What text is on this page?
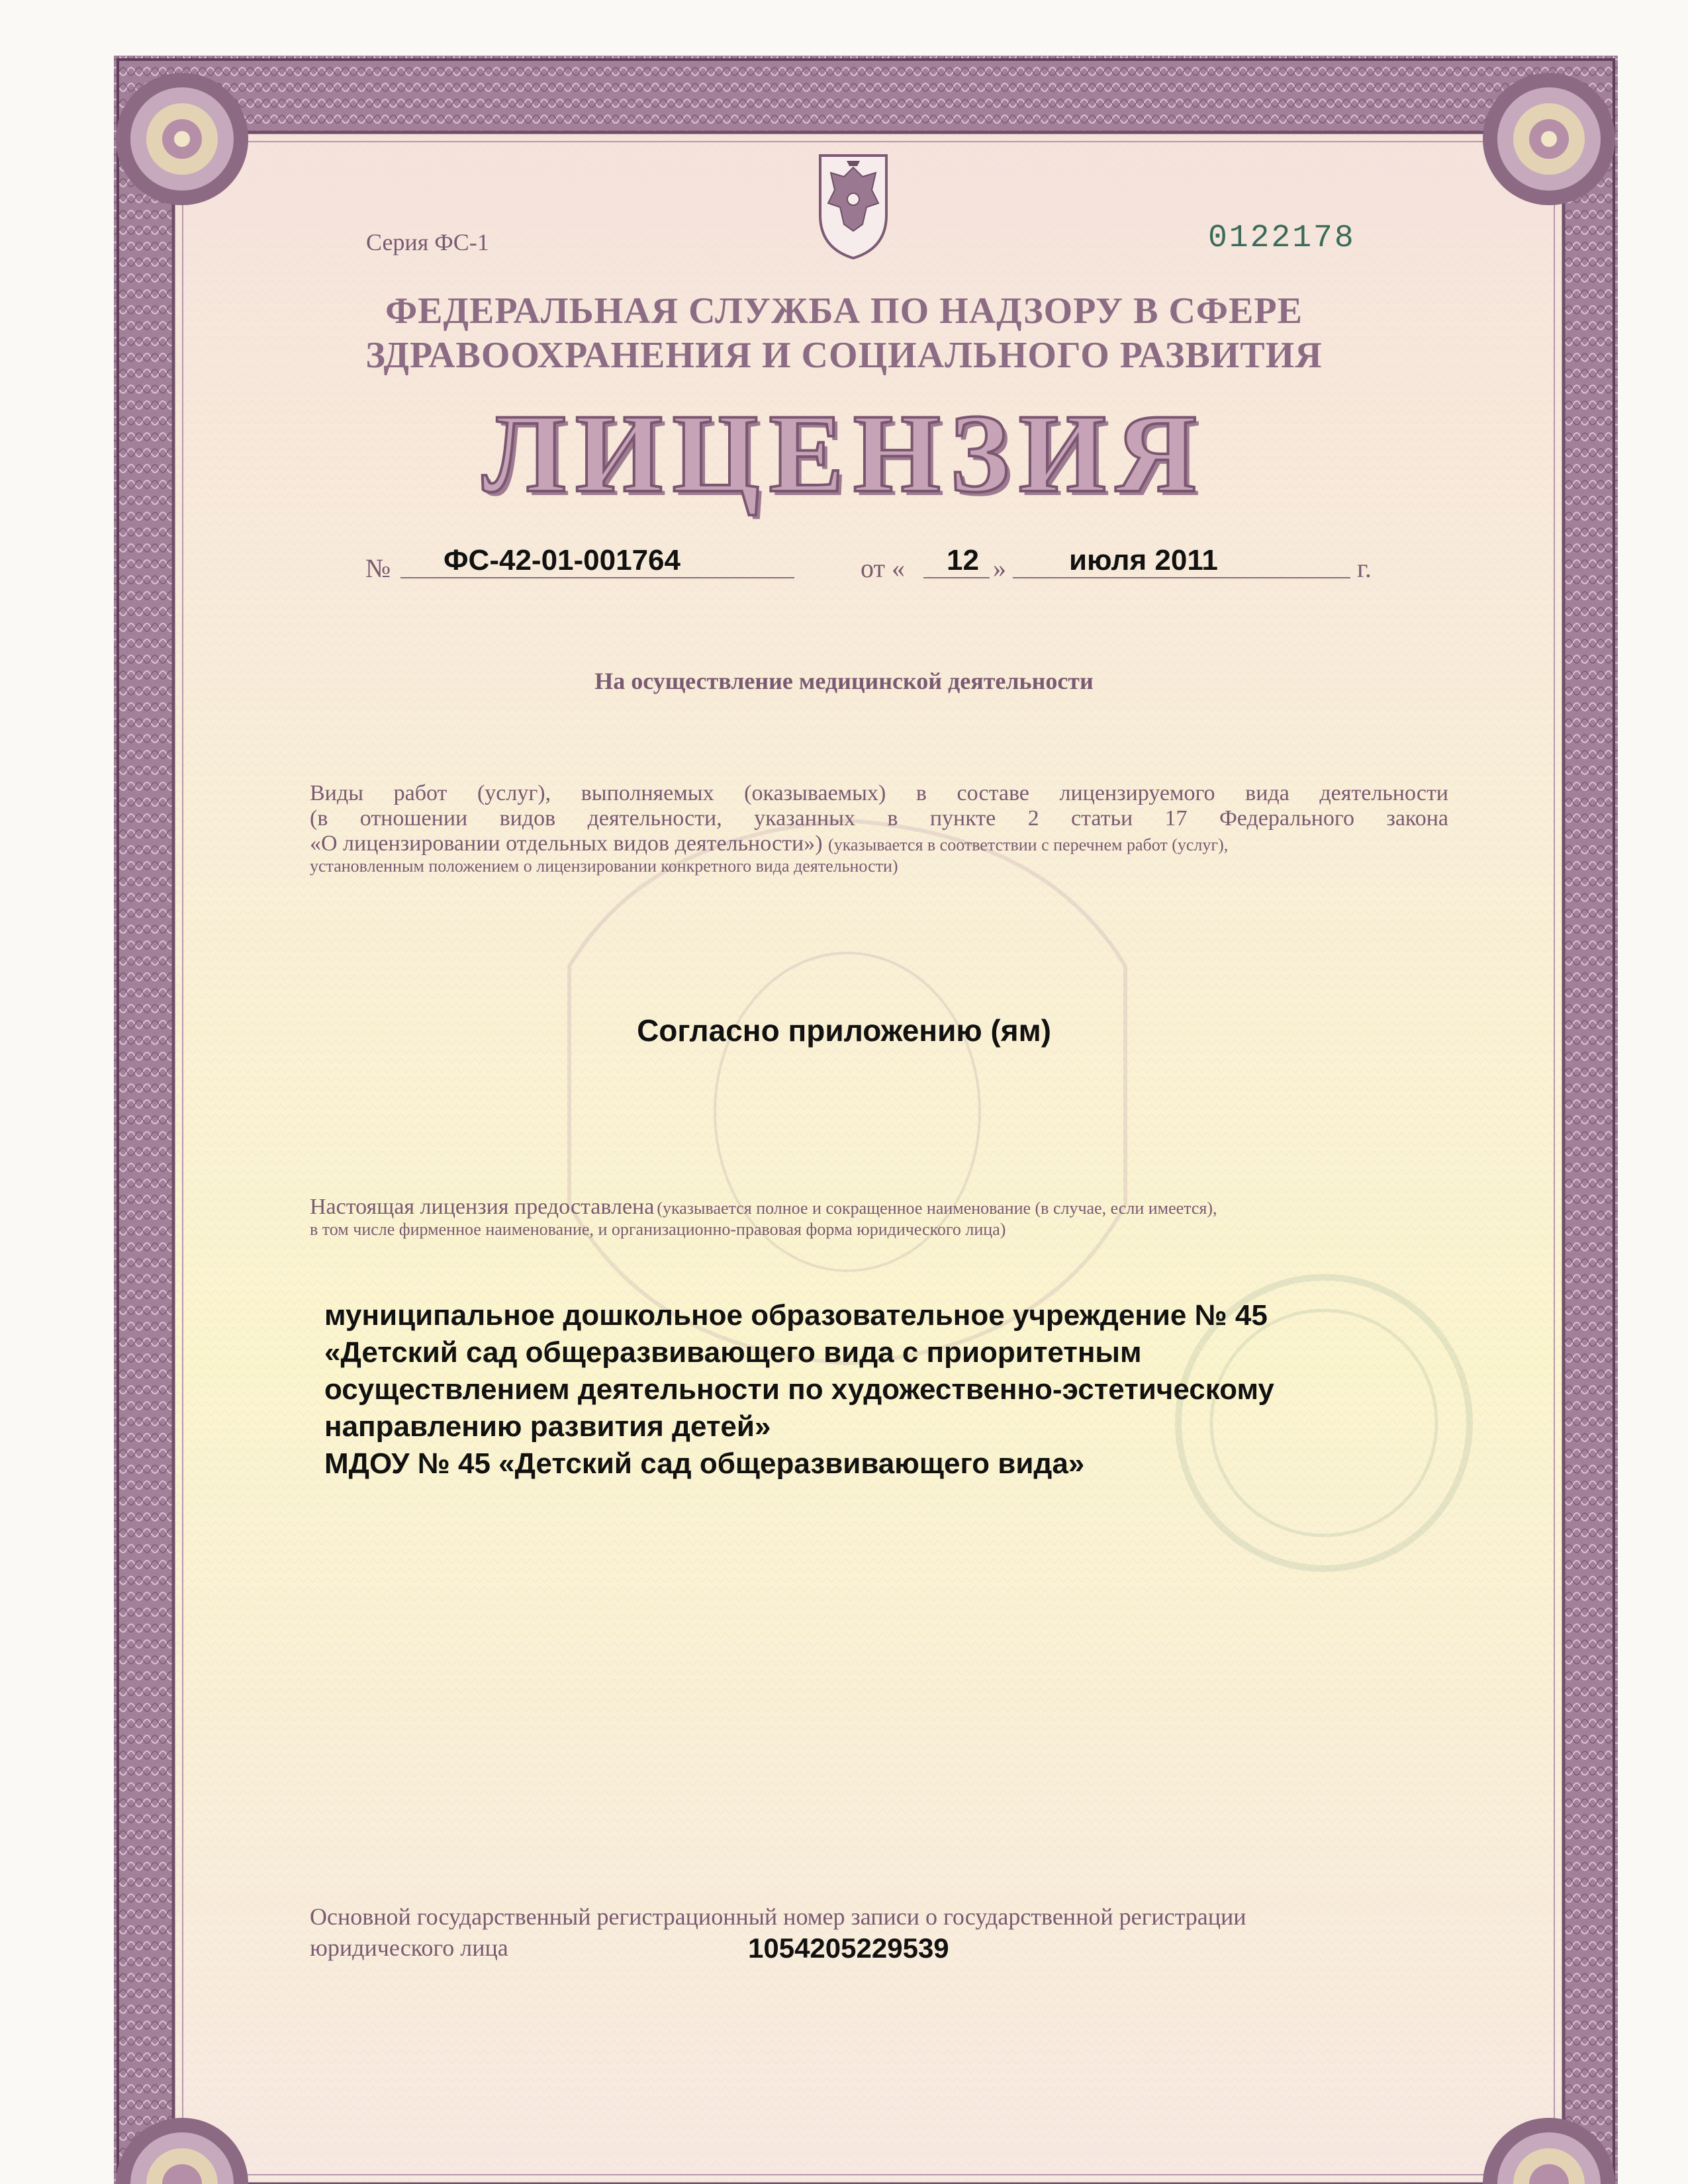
Серия ФС-1	0122178

ФЕДЕРАЛЬНАЯ СЛУЖБА ПО НАДЗОРУ В СФЕРЕ

ЗДРАВООХРАНЕНИЯ И СОЦИАЛЬНОГО РАЗВИТИЯ

ЛИЦЕНЗИЯ

№ ФС-42-01-001764	от « 12 » июля 2011	г.

На осуществление медицинской деятельности

Виды работ (услуг), выполняемых (оказываемых) в составе лицензируемого вида деятельности

(в отношении видов деятельности, указанных в пункте 2 статьи 17 Федерального закона

«О лицензировании отдельных видов деятельности») (указывается в соответствии с перечнем работ (услуг),

установленным положением о лицензировании конкретного вида деятельности)

Согласно приложению (ям)

Настоящая лицензия предоставлена (указывается полное и сокращенное наименование (в случае, если имеется),

в том числе фирменное наименование, и организационно-правовая форма юридического лица)

муниципальное дошкольное образовательное учреждение № 45

«Детский сад общеразвивающего вида с приоритетным

осуществлением деятельности по художественно-эстетическому

направлению развития детей»

МДОУ № 45 «Детский сад общеразвивающего вида»

Основной государственный регистрационный номер записи о государственной регистрации

юридического лица	1054205229539
